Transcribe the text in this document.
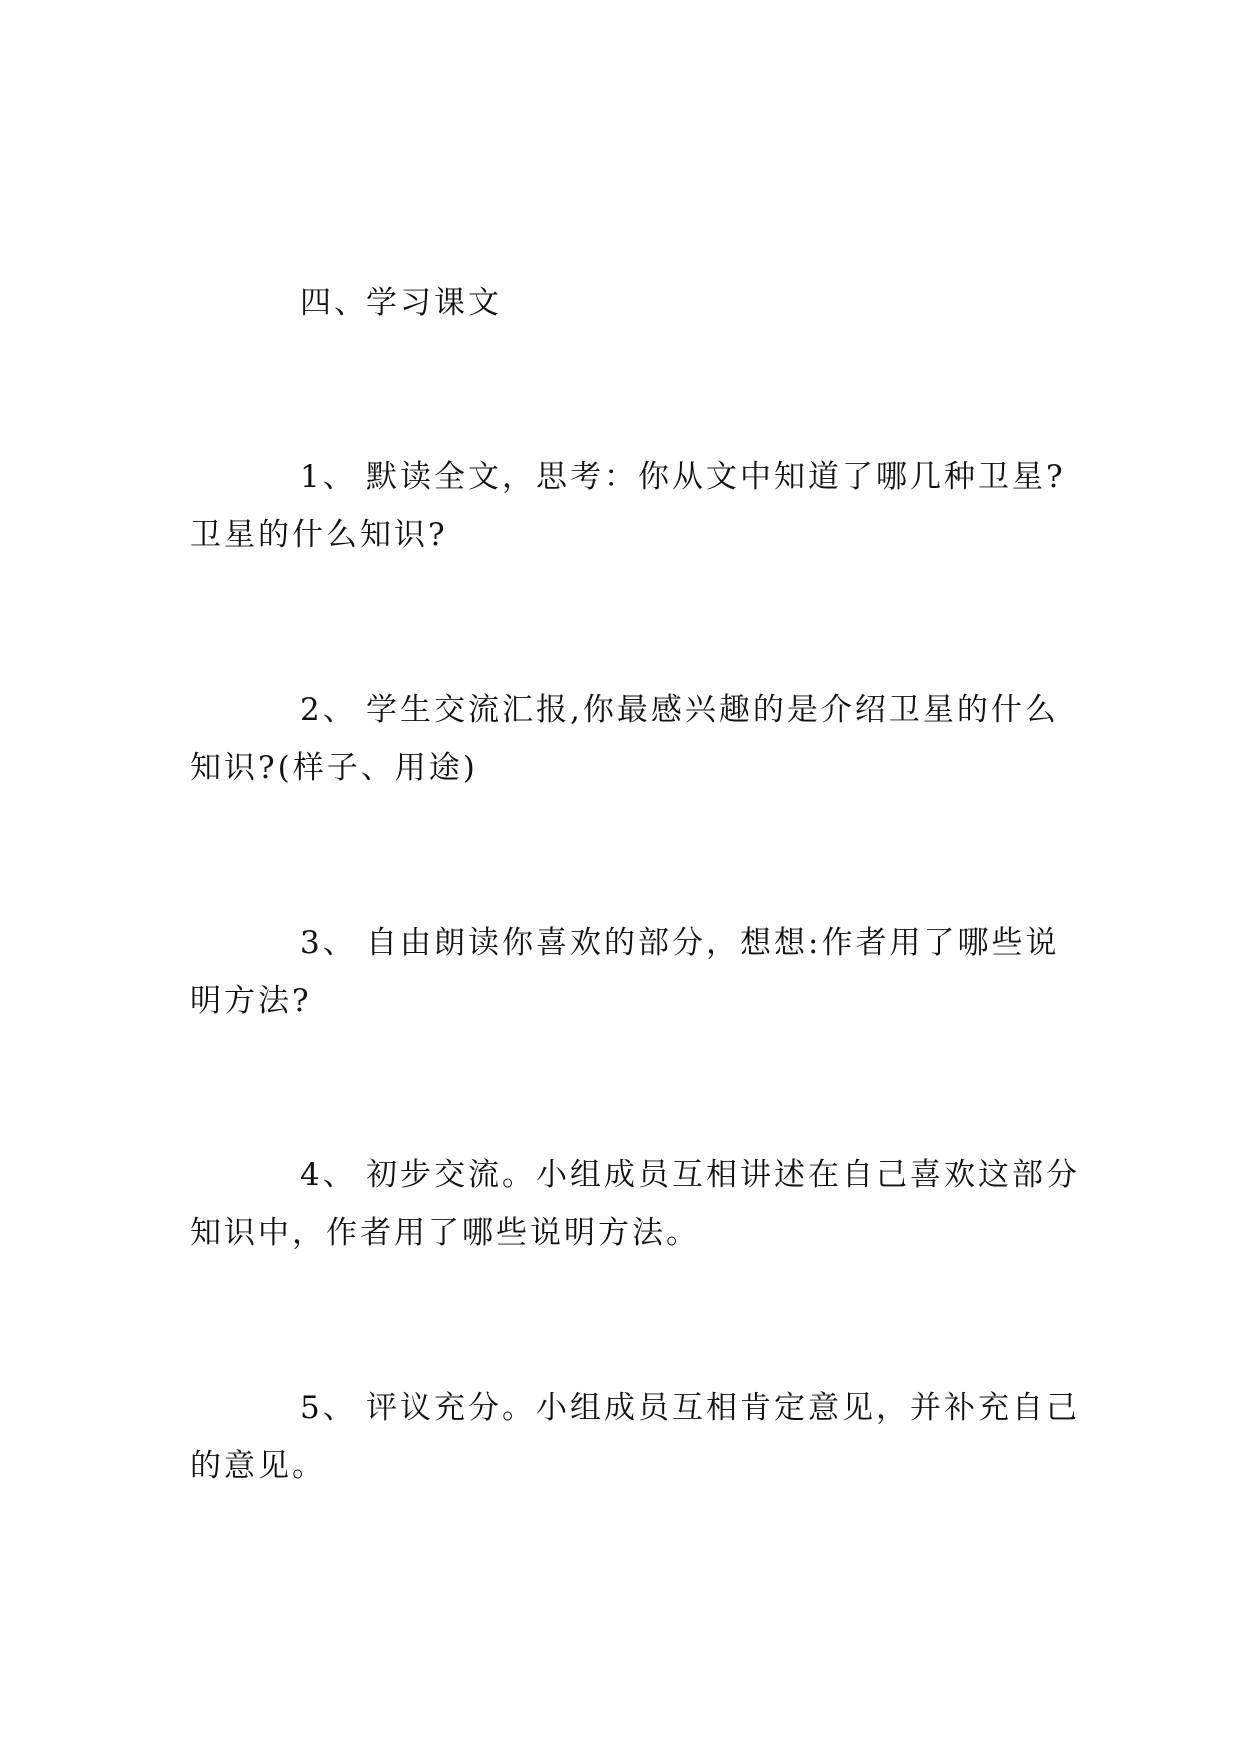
四、学习课文
1、 默读全文，思考：你从文中知道了哪几种卫星?
卫星的什么知识?
2、 学生交流汇报,你最感兴趣的是介绍卫星的什么
知识?(样子、用途)
3、 自由朗读你喜欢的部分，想想:作者用了哪些说
明方法?
4、 初步交流。小组成员互相讲述在自己喜欢这部分
知识中，作者用了哪些说明方法。
5、 评议充分。小组成员互相肯定意见，并补充自己
的意见。
